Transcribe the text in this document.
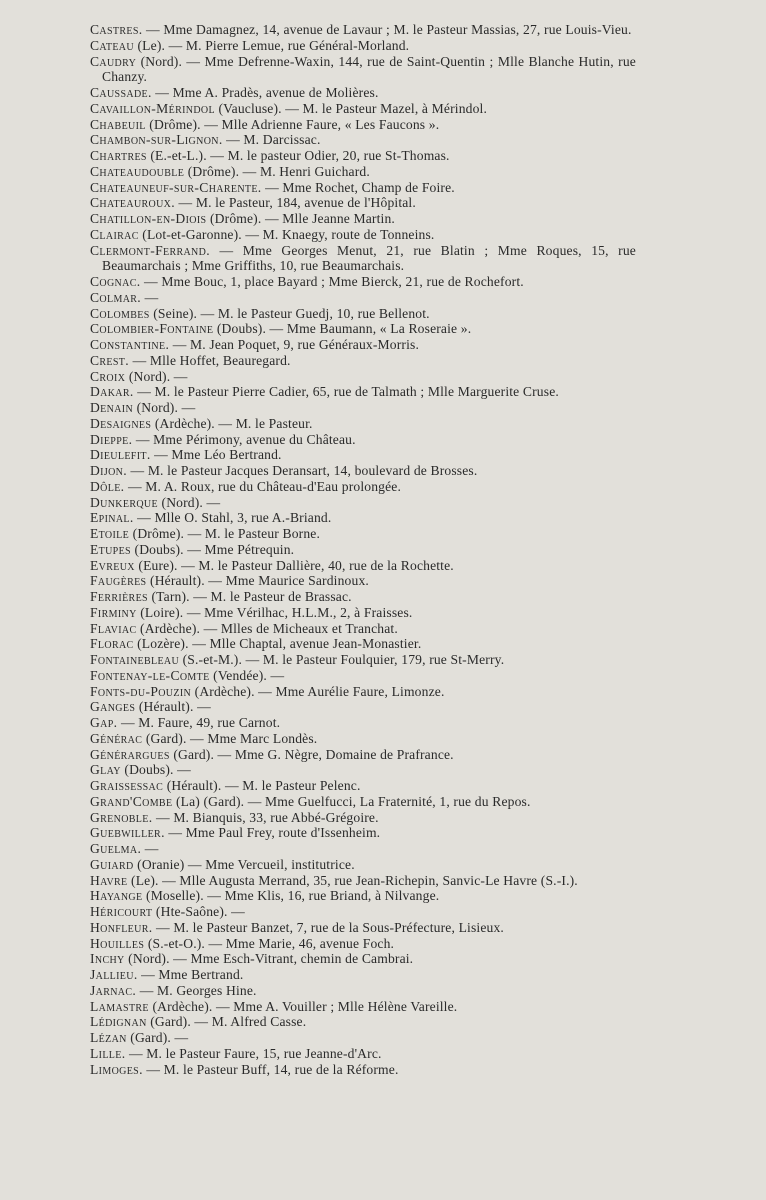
Castres. — Mme Damagnez, 14, avenue de Lavaur ; M. le Pasteur Massias, 27, rue Louis-Vieu.
Cateau (Le). — M. Pierre Lemue, rue Général-Morland.
Caudry (Nord). — Mme Defrenne-Waxin, 144, rue de Saint-Quentin ; Mlle Blanche Hutin, rue Chanzy.
Caussade. — Mme A. Pradès, avenue de Molières.
Cavaillon-Mérindol (Vaucluse). — M. le Pasteur Mazel, à Mérindol.
Chabeuil (Drôme). — Mlle Adrienne Faure, « Les Faucons ».
Chambon-sur-Lignon. — M. Darcissac.
Chartres (E.-et-L.). — M. le pasteur Odier, 20, rue St-Thomas.
Chateaudouble (Drôme). — M. Henri Guichard.
Chateauneuf-sur-Charente. — Mme Rochet, Champ de Foire.
Chateauroux. — M. le Pasteur, 184, avenue de l'Hôpital.
Chatillon-en-Diois (Drôme). — Mlle Jeanne Martin.
Clairac (Lot-et-Garonne). — M. Knaegy, route de Tonneins.
Clermont-Ferrand. — Mme Georges Menut, 21, rue Blatin ; Mme Roques, 15, rue Beaumarchais ; Mme Griffiths, 10, rue Beaumarchais.
Cognac. — Mme Bouc, 1, place Bayard ; Mme Bierck, 21, rue de Rochefort.
Colmar. —
Colombes (Seine). — M. le Pasteur Guedj, 10, rue Bellenot.
Colombier-Fontaine (Doubs). — Mme Baumann, « La Roseraie ».
Constantine. — M. Jean Poquet, 9, rue Généraux-Morris.
Crest. — Mlle Hoffet, Beauregard.
Croix (Nord). —
Dakar. — M. le Pasteur Pierre Cadier, 65, rue de Talmath ; Mlle Marguerite Cruse.
Denain (Nord). —
Desaignes (Ardèche). — M. le Pasteur.
Dieppe. — Mme Périmony, avenue du Château.
Dieulefit. — Mme Léo Bertrand.
Dijon. — M. le Pasteur Jacques Deransart, 14, boulevard de Brosses.
Dôle. — M. A. Roux, rue du Château-d'Eau prolongée.
Dunkerque (Nord). —
Epinal. — Mlle O. Stahl, 3, rue A.-Briand.
Etoile (Drôme). — M. le Pasteur Borne.
Etupes (Doubs). — Mme Pétrequin.
Evreux (Eure). — M. le Pasteur Dallière, 40, rue de la Rochette.
Faugères (Hérault). — Mme Maurice Sardinoux.
Ferrières (Tarn). — M. le Pasteur de Brassac.
Firminy (Loire). — Mme Vérilhac, H.L.M., 2, à Fraisses.
Flaviac (Ardèche). — Mlles de Micheaux et Tranchat.
Florac (Lozère). — Mlle Chaptal, avenue Jean-Monastier.
Fontainebleau (S.-et-M.). — M. le Pasteur Foulquier, 179, rue St-Merry.
Fontenay-le-Comte (Vendée). —
Fonts-du-Pouzin (Ardèche). — Mme Aurélie Faure, Limonze.
Ganges (Hérault). —
Gap. — M. Faure, 49, rue Carnot.
Générac (Gard). — Mme Marc Londès.
Générargues (Gard). — Mme G. Nègre, Domaine de Prafrance.
Glay (Doubs). —
Graissessac (Hérault). — M. le Pasteur Pelenc.
Grand'Combe (La) (Gard). — Mme Guelfucci, La Fraternité, 1, rue du Repos.
Grenoble. — M. Bianquis, 33, rue Abbé-Grégoire.
Guebwiller. — Mme Paul Frey, route d'Issenheim.
Guelma. —
Guiard (Oranie) — Mme Vercueil, institutrice.
Havre (Le). — Mlle Augusta Merrand, 35, rue Jean-Richepin, Sanvic-Le Havre (S.-I.).
Hayange (Moselle). — Mme Klis, 16, rue Briand, à Nilvange.
Héricourt (Hte-Saône). —
Honfleur. — M. le Pasteur Banzet, 7, rue de la Sous-Préfecture, Lisieux.
Houilles (S.-et-O.). — Mme Marie, 46, avenue Foch.
Inchy (Nord). — Mme Esch-Vitrant, chemin de Cambrai.
Jallieu. — Mme Bertrand.
Jarnac. — M. Georges Hine.
Lamastre (Ardèche). — Mme A. Vouiller ; Mlle Hélène Vareille.
Lédignan (Gard). — M. Alfred Casse.
Lézan (Gard). —
Lille. — M. le Pasteur Faure, 15, rue Jeanne-d'Arc.
Limoges. — M. le Pasteur Buff, 14, rue de la Réforme.
